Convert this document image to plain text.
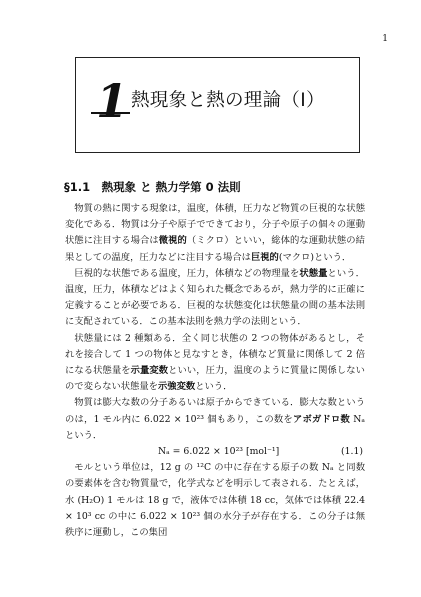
1
1 熱現象と熱の理論（I）
§1.1　熱現象 と 熱力学第 0 法則

物質の熱に関する現象は，温度，体積，圧力など物質の巨視的な状態変化である．物質は分子や原子でできており，分子や原子の個々の運動状態に注目する場合は微視的（ミクロ）といい，総体的な運動状態の結果としての温度，圧力などに注目する場合は巨視的(マクロ)という．

巨視的な状態である温度，圧力，体積などの物理量を状態量という．温度，圧力，体積などはよく知られた概念であるが，熱力学的に正確に定義することが必要である．巨視的な状態変化は状態量の間の基本法則に支配されている．この基本法則を熱力学の法則という．

状態量には 2 種類ある．全く同じ状態の 2 つの物体があるとし，それを接合して 1 つの物体と見なすとき，体積など質量に関係して 2 倍になる状態量を示量変数といい，圧力，温度のように質量に関係しないので変らない状態量を示強変数という．

物質は膨大な数の分子あるいは原子からできている．膨大な数というのは，1 モル内に 6.022 × 10²³ 個もあり，この数をアボガドロ数 Nₐ という．

Nₐ = 6.022 × 10²³ [mol⁻¹]	(1.1)

モルという単位は，12 g の ¹²C の中に存在する原子の数 Nₐ と同数の要素体を含む物質量で，化学式などを明示して表される．たとえば，水 (H₂O) 1 モルは 18 g で，液体では体積 18 cc，気体では体積 22.4 × 10³ cc の中に 6.022 × 10²³ 個の水分子が存在する．この分子は無秩序に運動し，この集団
